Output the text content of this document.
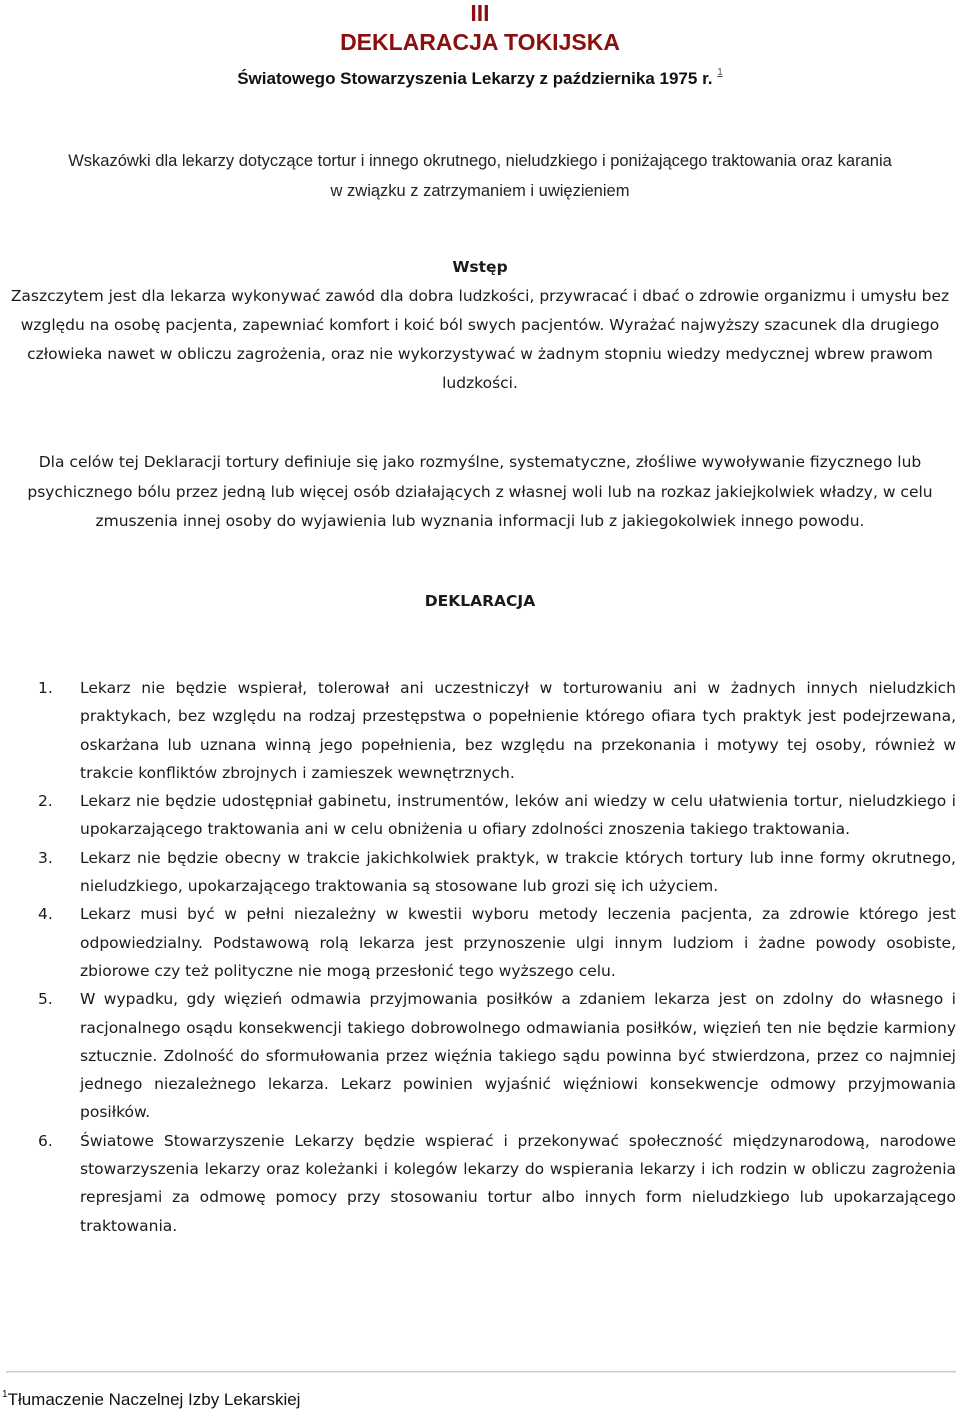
III
DEKLARACJA TOKIJSKA
Światowego Stowarzyszenia Lekarzy z października 1975 r. $^1$
Wskazówki dla lekarzy dotyczące tortur i innego okrutnego, nieludzkiego i poniżającego traktowania oraz karania
w związku z zatrzymaniem i uwięzieniem
Wstęp
Zaszczytem jest dla lekarza wykonywać zawód dla dobra ludzkości, przywracać i dbać o zdrowie organizmu i umysłu bez względu na osobę pacjenta, zapewniać komfort i koić ból swych pacjentów. Wyrażać najwyższy szacunek dla drugiego człowieka nawet w obliczu zagrożenia, oraz nie wykorzystywać w żadnym stopniu wiedzy medycznej wbrew prawom ludzkości.
Dla celów tej Deklaracji tortury definiuje się jako rozmyślne, systematyczne, złośliwe wywoływanie fizycznego lub psychicznego bólu przez jedną lub więcej osób działających z własnej woli lub na rozkaz jakiejkolwiek władzy, w celu zmuszenia innej osoby do wyjawienia lub wyznania informacji lub z jakiegokolwiek innego powodu.
DEKLARACJA
1. Lekarz nie będzie wspierał, tolerował ani uczestniczył w torturowaniu ani w żadnych innych nieludzkich praktykach, bez względu na rodzaj przestępstwa o popełnienie którego ofiara tych praktyk jest podejrzewana, oskarżana lub uznana winną jego popełnienia, bez względu na przekonania i motywy tej osoby, również w trakcie konfliktów zbrojnych i zamieszek wewnętrznych.
2. Lekarz nie będzie udostępniał gabinetu, instrumentów, leków ani wiedzy w celu ułatwienia tortur, nieludzkiego i upokarzającego traktowania ani w celu obniżenia u ofiary zdolności znoszenia takiego traktowania.
3. Lekarz nie będzie obecny w trakcie jakichkolwiek praktyk, w trakcie których tortury lub inne formy okrutnego, nieludzkiego, upokarzającego traktowania są stosowane lub grozi się ich użyciem.
4. Lekarz musi być w pełni niezależny w kwestii wyboru metody leczenia pacjenta, za zdrowie którego jest odpowiedzialny. Podstawową rolą lekarza jest przynoszenie ulgi innym ludziom i żadne powody osobiste, zbiorowe czy też polityczne nie mogą przesłonić tego wyższego celu.
5. W wypadku, gdy więzień odmawia przyjmowania posiłków a zdaniem lekarza jest on zdolny do własnego i racjonalnego osądu konsekwencji takiego dobrowolnego odmawiania posiłków, więzień ten nie będzie karmiony sztucznie. Zdolność do sformułowania przez więźnia takiego sądu powinna być stwierdzona, przez co najmniej jednego niezależnego lekarza. Lekarz powinien wyjaśnić więźniowi konsekwencje odmowy przyjmowania posiłków.
6. Światowe Stowarzyszenie Lekarzy będzie wspierać i przekonywać społeczność międzynarodową, narodowe stowarzyszenia lekarzy oraz koleżanki i kolegów lekarzy do wspierania lekarzy i ich rodzin w obliczu zagrożenia represjami za odmowę pomocy przy stosowaniu tortur albo innych form nieludzkiego lub upokarzającego traktowania.
$^1$Tłumaczenie Naczelnej Izby Lekarskiej
